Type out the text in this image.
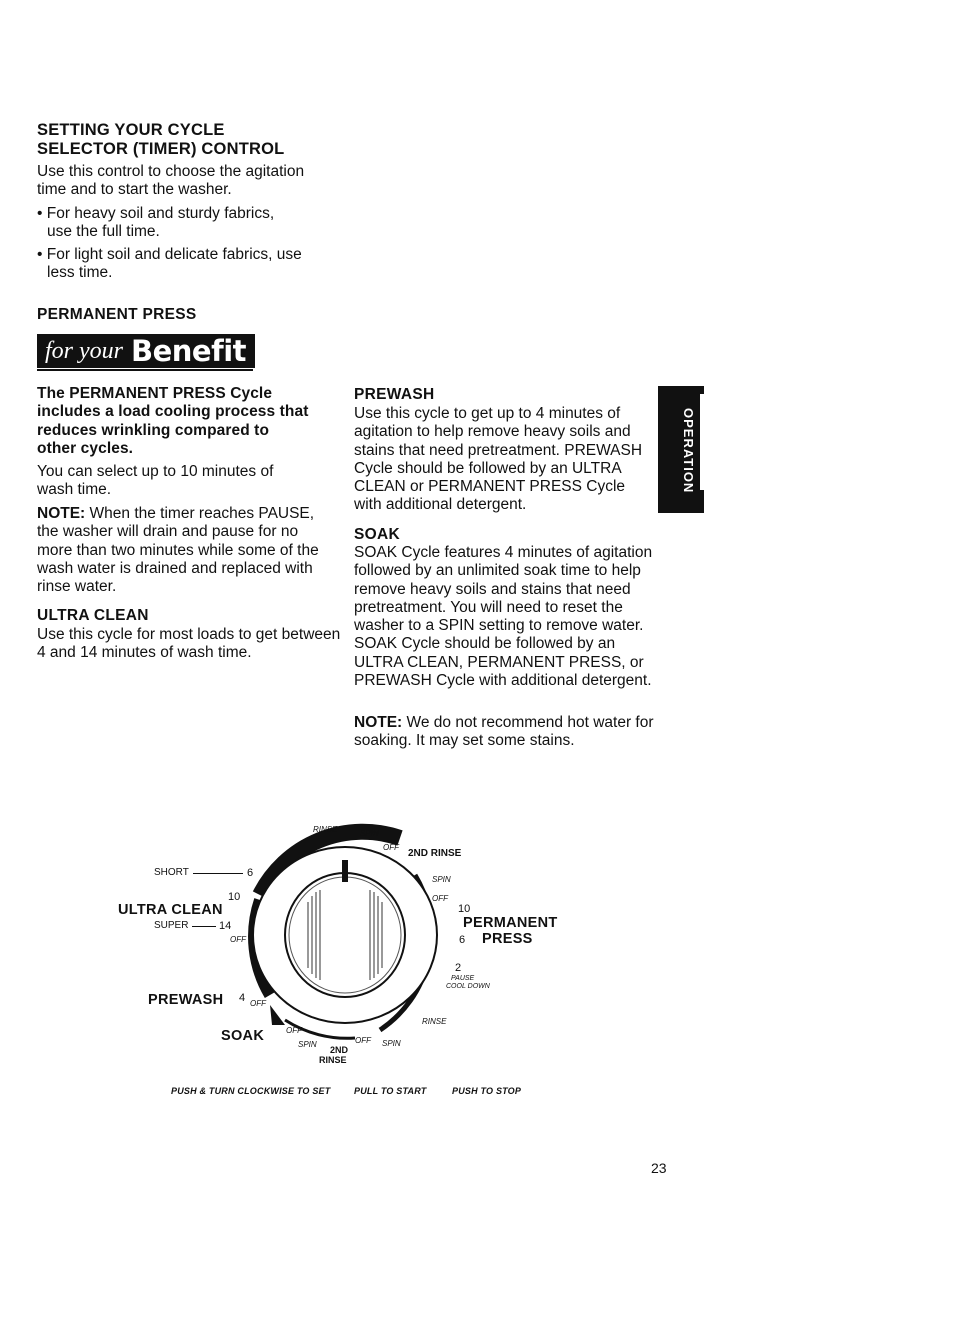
SETTING YOUR CYCLE
SELECTOR (TIMER) CONTROL

Use this control to choose the agitation time and to start the washer.

• For heavy soil and sturdy fabrics, use the full time.

• For light soil and delicate fabrics, use less time.

PERMANENT PRESS
for your Benefit

The PERMANENT PRESS Cycle includes a load cooling process that reduces wrinkling compared to other cycles.

You can select up to 10 minutes of wash time.

NOTE: When the timer reaches PAUSE, the washer will drain and pause for no more than two minutes while some of the wash water is drained and replaced with rinse water.

ULTRA CLEAN

Use this cycle for most loads to get between 4 and 14 minutes of wash time.

PREWASH

Use this cycle to get up to 4 minutes of agitation to help remove heavy soils and stains that need pretreatment. PREWASH Cycle should be followed by an ULTRA CLEAN or PERMANENT PRESS Cycle with additional detergent.

SOAK

SOAK Cycle features 4 minutes of agitation followed by an unlimited soak time to help remove heavy soils and stains that need pretreatment. You will need to reset the washer to a SPIN setting to remove water. SOAK Cycle should be followed by an ULTRA CLEAN, PERMANENT PRESS, or PREWASH Cycle with additional detergent.

NOTE: We do not recommend hot water for soaking. It may set some stains.

OPERATION
RINSE	SPIN
OFF
2ND RINSE
SPIN
OFF
10
PERMANENT
6 PRESS
2
PAUSE
COOL DOWN
RINSE
SPIN
OFF
2ND
RINSE
SPIN
OFF
SOAK
PREWASH 4 OFF
SHORT	6
10
ULTRA CLEAN
SUPER	14
OFF
PUSH & TURN CLOCKWISE TO SET	PULL TO START	PUSH TO STOP
23
